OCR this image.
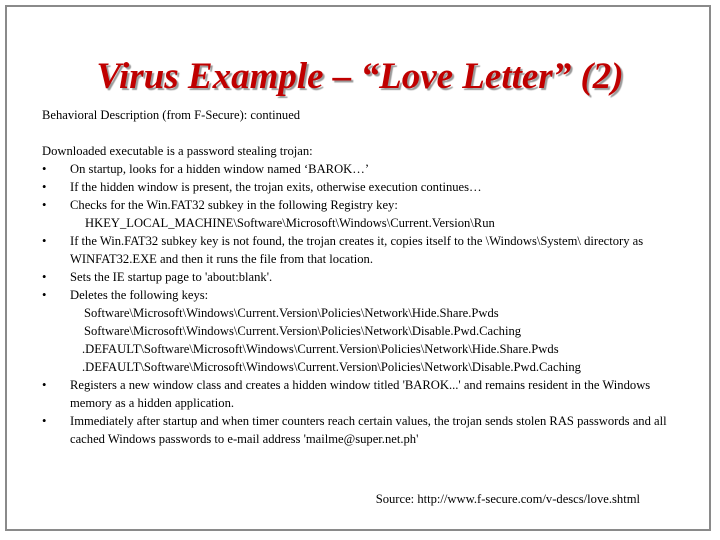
Virus Example – “Love Letter” (2)

Behavioral Description (from F-Secure): continued

Downloaded executable is a password stealing trojan:

•	On startup, looks for a hidden window named ‘BAROK…’
•	If the hidden window is present, the trojan exits, otherwise execution continues…
•	Checks for the Win.FAT32 subkey in the following Registry key:
HKEY_LOCAL_MACHINE\Software\Microsoft\Windows\Current.Version\Run
•	If the Win.FAT32 subkey key is not found, the trojan creates it, copies itself to the \Windows\System\ directory as WINFAT32.EXE and then it runs the file from that location.
•	Sets the IE startup page to 'about:blank'.
•	Deletes the following keys:
Software\Microsoft\Windows\Current.Version\Policies\Network\Hide.Share.Pwds
Software\Microsoft\Windows\Current.Version\Policies\Network\Disable.Pwd.Caching
.DEFAULT\Software\Microsoft\Windows\Current.Version\Policies\Network\Hide.Share.Pwds
.DEFAULT\Software\Microsoft\Windows\Current.Version\Policies\Network\Disable.Pwd.Caching
•	Registers a new window class and creates a hidden window titled 'BAROK...' and remains resident in the Windows memory as a hidden application.
•	Immediately after startup and when timer counters reach certain values, the trojan sends stolen RAS passwords and all cached Windows passwords to e-mail address 'mailme@super.net.ph'
Source: http://www.f-secure.com/v-descs/love.shtml
